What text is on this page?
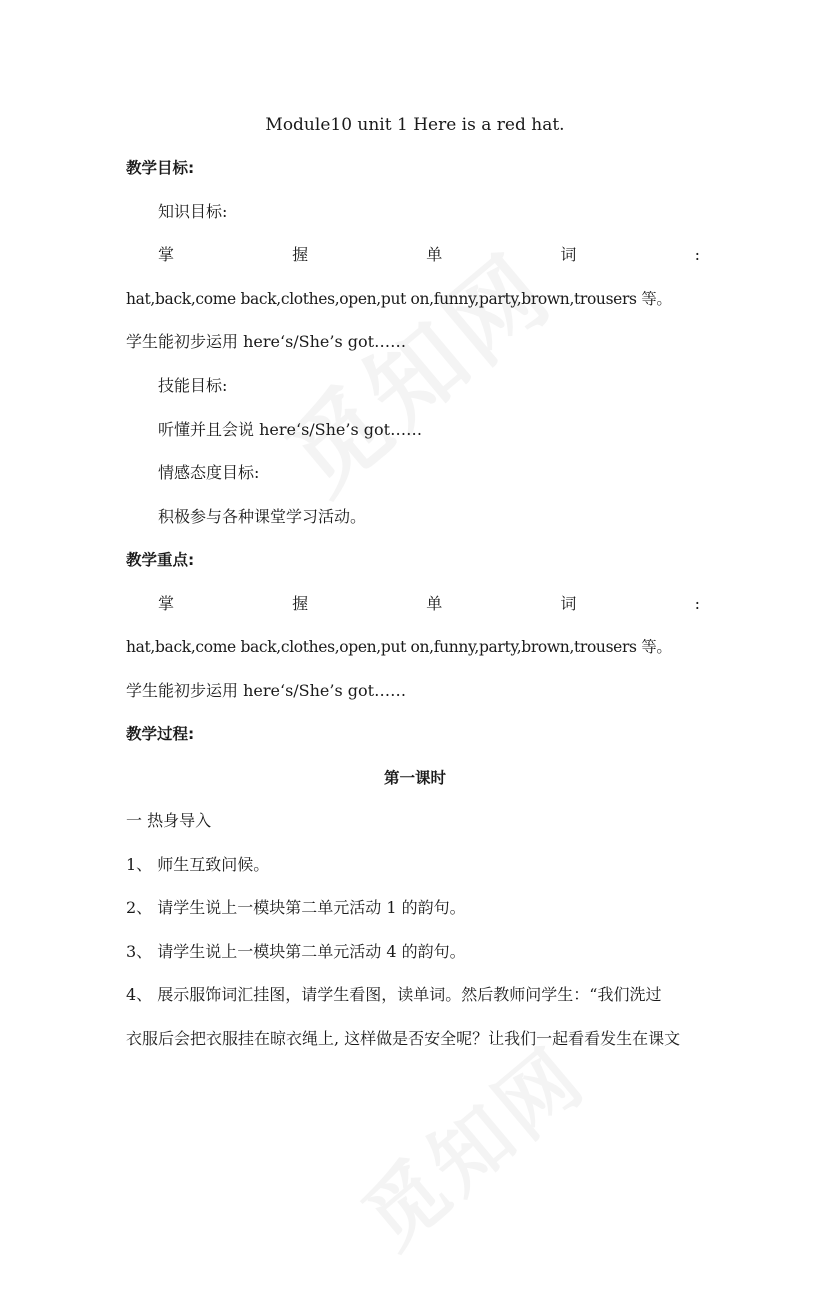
Module10 unit 1 Here is a red hat.
教学目标:
知识目标:
掌	握	单	词	:
hat,back,come back,clothes,open,put on,funny,party,brown,trousers 等。
学生能初步运用 here‘s/She’s got……
技能目标:
听懂并且会说 here‘s/She’s got……
情感态度目标:
积极参与各种课堂学习活动。
教学重点:
掌	握	单	词	:
hat,back,come back,clothes,open,put on,funny,party,brown,trousers 等。
学生能初步运用 here‘s/She’s got……
教学过程:
第一课时
一 热身导入
1、 师生互致问候。
2、 请学生说上一模块第二单元活动 1 的韵句。
3、 请学生说上一模块第二单元活动 4 的韵句。
4、 展示服饰词汇挂图，请学生看图，读单词。然后教师问学生：“我们洗过
衣服后会把衣服挂在晾衣绳上, 这样做是否安全呢？让我们一起看看发生在课文
